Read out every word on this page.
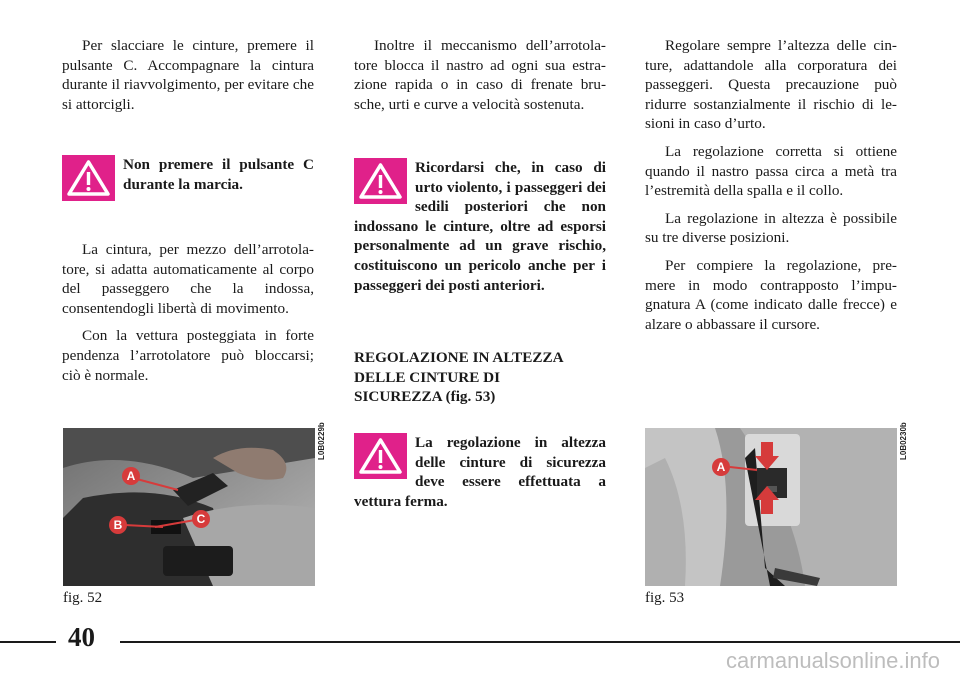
Per slacciare le cinture, premere il pulsante C. Accompagnare la cintura durante il riavvolgimento, per evitare che si attorcigli.

Non premere il pulsante C durante la marcia.

La cintura, per mezzo dell’arrotola-tore, si adatta automaticamente al corpo del passeggero che la indossa, consentendogli libertà di movimento.

Con la vettura posteggiata in forte pendenza l’arrotolatore può bloccarsi; ciò è normale.

Inoltre il meccanismo dell’arrotola-tore blocca il nastro ad ogni sua estra-zione rapida o in caso di frenate bru-sche, urti e curve a velocità sostenuta.

Ricordarsi che, in caso di urto violento, i passeggeri dei sedili posteriori che non indossano le cinture, oltre ad esporsi personalmente ad un grave rischio, costituiscono un pericolo anche per i passeggeri dei posti anteriori.
REGOLAZIONE IN ALTEZZA
DELLE CINTURE DI
SICUREZZA (fig. 53)
La regolazione in altezza delle cinture di sicurezza deve essere effettuata a vettura ferma.

Regolare sempre l’altezza delle cin-ture, adattandole alla corporatura dei passeggeri. Questa precauzione può ridurre sostanzialmente il rischio di le-sioni in caso d’urto.

La regolazione corretta si ottiene quando il nastro passa circa a metà tra l’estremità della spalla e il collo.

La regolazione in altezza è possibile su tre diverse posizioni.

Per compiere la regolazione, pre-mere in modo contrapposto l’impu-gnatura A (come indicato dalle frecce) e alzare o abbassare il cursore.

A
B	C
L0B0229b
fig. 52
A
L0B0230b
fig. 53
40
carmanualsonline.info
